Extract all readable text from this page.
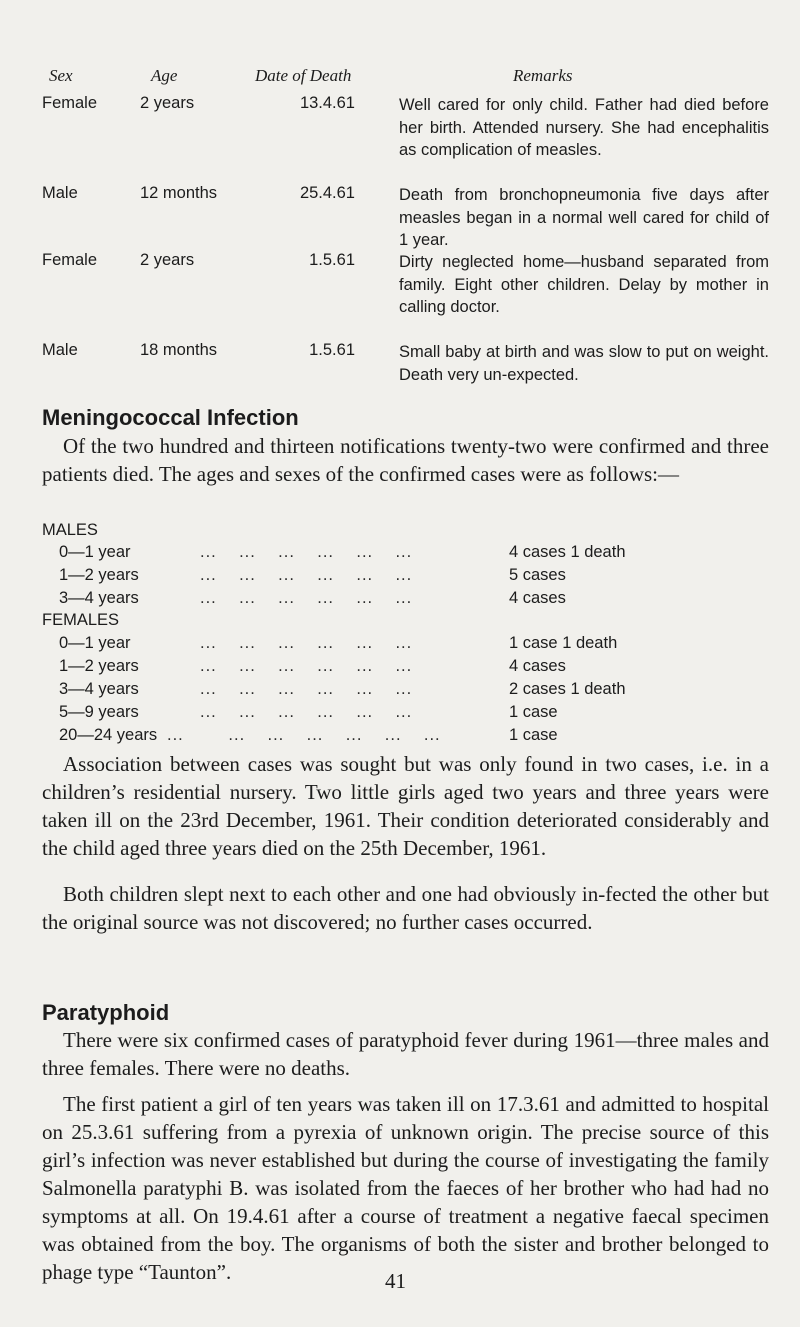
Sex	Age	Date of Death	Remarks
Female	2 years	13.4.61	Well cared for only child. Father had died before her birth. Attended nursery. She had encephalitis as complication of measles.
Male	12 months	25.4.61	Death from bronchopneumonia five days after measles began in a normal well cared for child of 1 year.
Female	2 years	1.5.61	Dirty neglected home—husband separated from family. Eight other children. Delay by mother in calling doctor.
Male	18 months	1.5.61	Small baby at birth and was slow to put on weight. Death very un-expected.
Meningococcal Infection

Of the two hundred and thirteen notifications twenty-two were confirmed and three patients died. The ages and sexes of the confirmed cases were as follows:—

MALES
0—1 year	...    ...    ...    ...    ...    ...	4 cases 1 death
1—2 years	...    ...    ...    ...    ...    ...	5 cases
3—4 years	...    ...    ...    ...    ...    ...	4 cases
FEMALES
0—1 year	...    ...    ...    ...    ...    ...	1 case 1 death
1—2 years	...    ...    ...    ...    ...    ...	4 cases
3—4 years	...    ...    ...    ...    ...    ...	2 cases 1 death
5—9 years	...    ...    ...    ...    ...    ...	1 case
20—24 years ...        ...    ...    ...    ...    ...    ...	1 case

Association between cases was sought but was only found in two cases, i.e. in a children’s residential nursery. Two little girls aged two years and three years were taken ill on the 23rd December, 1961. Their condition deteriorated considerably and the child aged three years died on the 25th December, 1961.

Both children slept next to each other and one had obviously in-fected the other but the original source was not discovered; no further cases occurred.

Paratyphoid

There were six confirmed cases of paratyphoid fever during 1961—three males and three females. There were no deaths.

The first patient a girl of ten years was taken ill on 17.3.61 and admitted to hospital on 25.3.61 suffering from a pyrexia of unknown origin. The precise source of this girl’s infection was never established but during the course of investigating the family Salmonella paratyphi B. was isolated from the faeces of her brother who had had no symptoms at all. On 19.4.61 after a course of treatment a negative faecal specimen was obtained from the boy. The organisms of both the sister and brother belonged to phage type “Taunton”.	41
